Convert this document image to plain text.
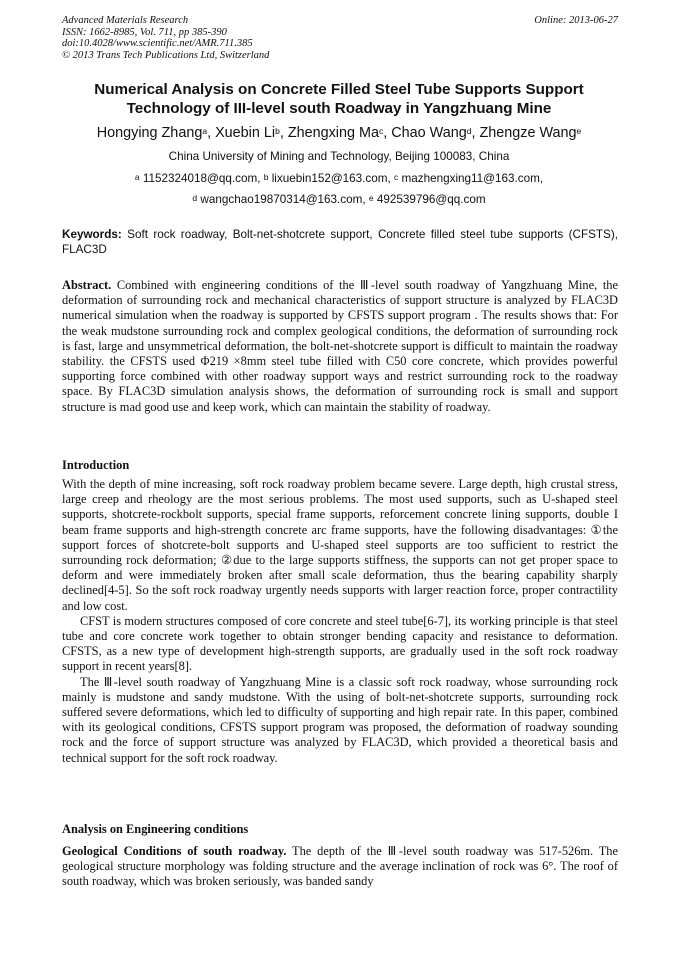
Advanced Materials Research
ISSN: 1662-8985, Vol. 711, pp 385-390
doi:10.4028/www.scientific.net/AMR.711.385
© 2013 Trans Tech Publications Ltd, Switzerland
Online: 2013-06-27
Numerical Analysis on Concrete Filled Steel Tube Supports Support
Technology of III-level south Roadway in Yangzhuang Mine
Hongying Zhang$^a$, Xuebin Li$^b$, Zhengxing Ma$^c$, Chao Wang$^d$, Zhengze Wang$^e$
China University of Mining and Technology, Beijing 100083, China
$^a$ 1152324018@qq.com, $^b$ lixuebin152@163.com, $^c$ mazhengxing11@163.com,
$^d$ wangchao19870314@163.com, $^e$ 492539796@qq.com
Keywords: Soft rock roadway, Bolt-net-shotcrete support, Concrete filled steel tube supports (CFSTS), FLAC3D

Abstract. Combined with engineering conditions of the Ⅲ-level south roadway of Yangzhuang Mine, the deformation of surrounding rock and mechanical characteristics of support structure is analyzed by FLAC3D numerical simulation when the roadway is supported by CFSTS support program . The results shows that: For the weak mudstone surrounding rock and complex geological conditions, the deformation of surrounding rock is fast, large and unsymmetrical deformation, the bolt-net-shotcrete support is difficult to maintain the roadway stability. the CFSTS used Φ219 ×8mm steel tube filled with C50 core concrete, which provides powerful supporting force combined with other roadway support ways and restrict surrounding rock to the roadway space. By FLAC3D simulation analysis shows, the deformation of surrounding rock is small and support structure is mad good use and keep work, which can maintain the stability of roadway.

Introduction

With the depth of mine increasing, soft rock roadway problem became severe. Large depth, high crustal stress, large creep and rheology are the most serious problems. The most used supports, such as U-shaped steel supports, shotcrete-rockbolt supports, special frame supports, reforcement concrete lining supports, double I beam frame supports and high-strength concrete arc frame supports, have the following disadvantages: ①the support forces of shotcrete-bolt supports and U-shaped steel supports are too sufficient to restrict the surrounding rock deformation; ②due to the large supports stiffness, the supports can not get proper space to deform and were immediately broken after small scale deformation, thus the bearing capability sharply declined[4-5]. So the soft rock roadway urgently needs supports with larger reaction force, proper contractility and low cost.

CFST is modern structures composed of core concrete and steel tube[6-7], its working principle is that steel tube and core concrete work together to obtain stronger bending capacity and resistance to deformation. CFSTS, as a new type of development high-strength supports, are gradually used in the soft rock roadway support in recent years[8].

The Ⅲ-level south roadway of Yangzhuang Mine is a classic soft rock roadway, whose surrounding rock mainly is mudstone and sandy mudstone. With the using of bolt-net-shotcrete supports, surrounding rock suffered severe deformations, which led to difficulty of supporting and high repair rate. In this paper, combined with its geological conditions, CFSTS support program was proposed, the deformation of roadway sounding rock and the force of support structure was analyzed by FLAC3D, which provided a theoretical basis and technical support for the soft rock roadway.

Analysis on Engineering conditions

Geological Conditions of south roadway. The depth of the Ⅲ-level south roadway was 517-526m. The geological structure morphology was folding structure and the average inclination of rock was 6°. The roof of south roadway, which was broken seriously, was banded sandy
